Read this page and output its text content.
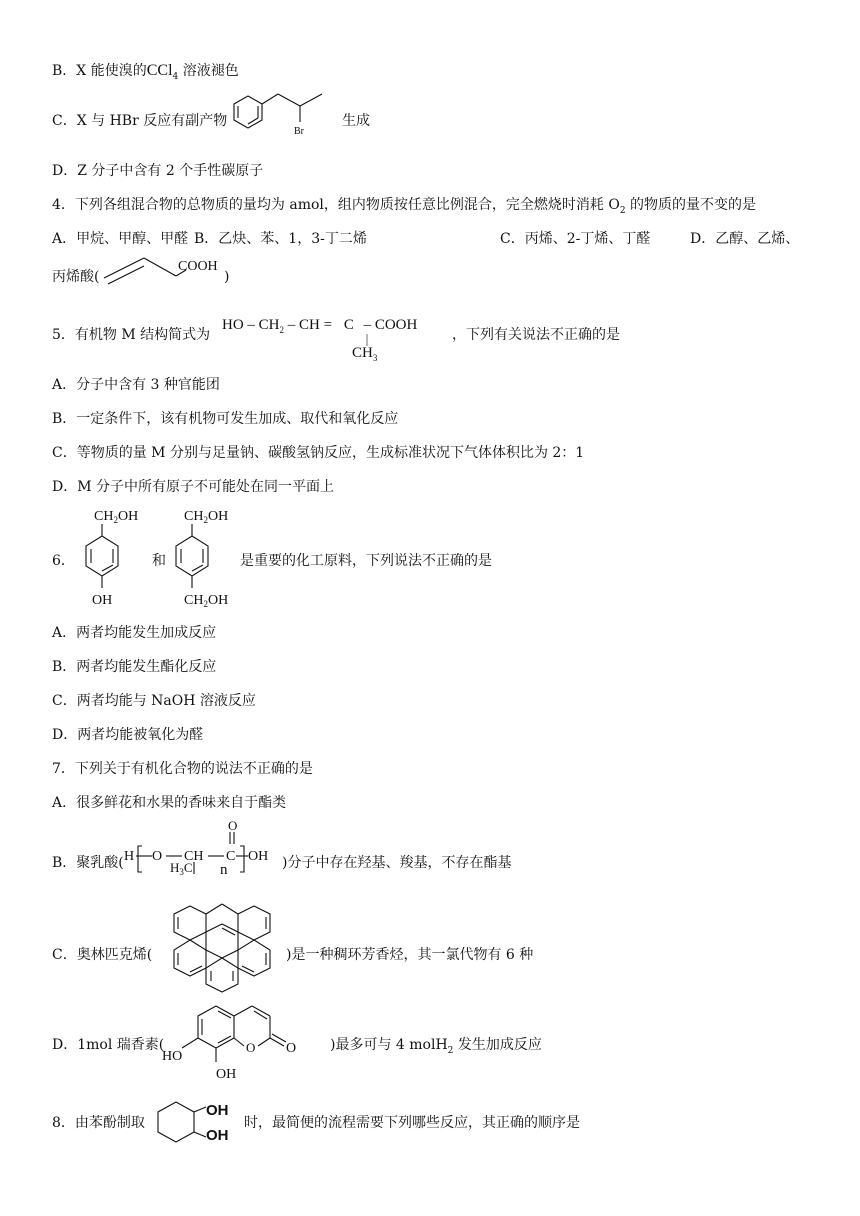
B．X 能使溴的CCl$_4$ 溶液褪色
C．X 与 HBr 反应有副产物
Br
生成
D．Z 分子中含有 2 个手性碳原子
4．下列各组混合物的总物质的量均为 amol，组内物质按任意比例混合，完全燃烧时消耗 $O_2$ 的物质的量不变的是
A．甲烷、甲醇、甲醛 B．乙炔、苯、1，3-丁二烯	C．丙烯、2-丁烯、丁醛	D．乙醇、乙烯、
丙烯酸(
COOH
)
5．有机物 M 结构简式为
HO – $CH_2$ – CH = C – COOH
$CH_3$
，下列有关说法不正确的是
A．分子中含有 3 种官能团
B．一定条件下，该有机物可发生加成、取代和氧化反应
C．等物质的量 M 分别与足量钠、碳酸氢钠反应，生成标准状况下气体体积比为 2：1
D．M 分子中所有原子不可能处在同一平面上
6．
$CH_2OH$
OH
和
$CH_2OH$
$CH_2OH$
是重要的化工原料，下列说法不正确的是
A．两者均能发生加成反应
B．两者均能发生酯化反应
C．两者均能与 NaOH 溶液反应
D．两者均能被氧化为醛
7．下列关于有机化合物的说法不正确的是
A．很多鲜花和水果的香味来自于酯类
B．聚乳酸( H O CH C
O
OH
n
$H_3C$	)分子中存在羟基、羧基，不存在酯基
C．奥林匹克烯(	)是一种稠环芳香烃，其一氯代物有 6 种
D．1mol 瑞香素(	O O
HO
OH
)最多可与 4 molH$_2$ 发生加成反应
8．由苯酚制取
OH
OH
时，最简便的流程需要下列哪些反应，其正确的顺序是
